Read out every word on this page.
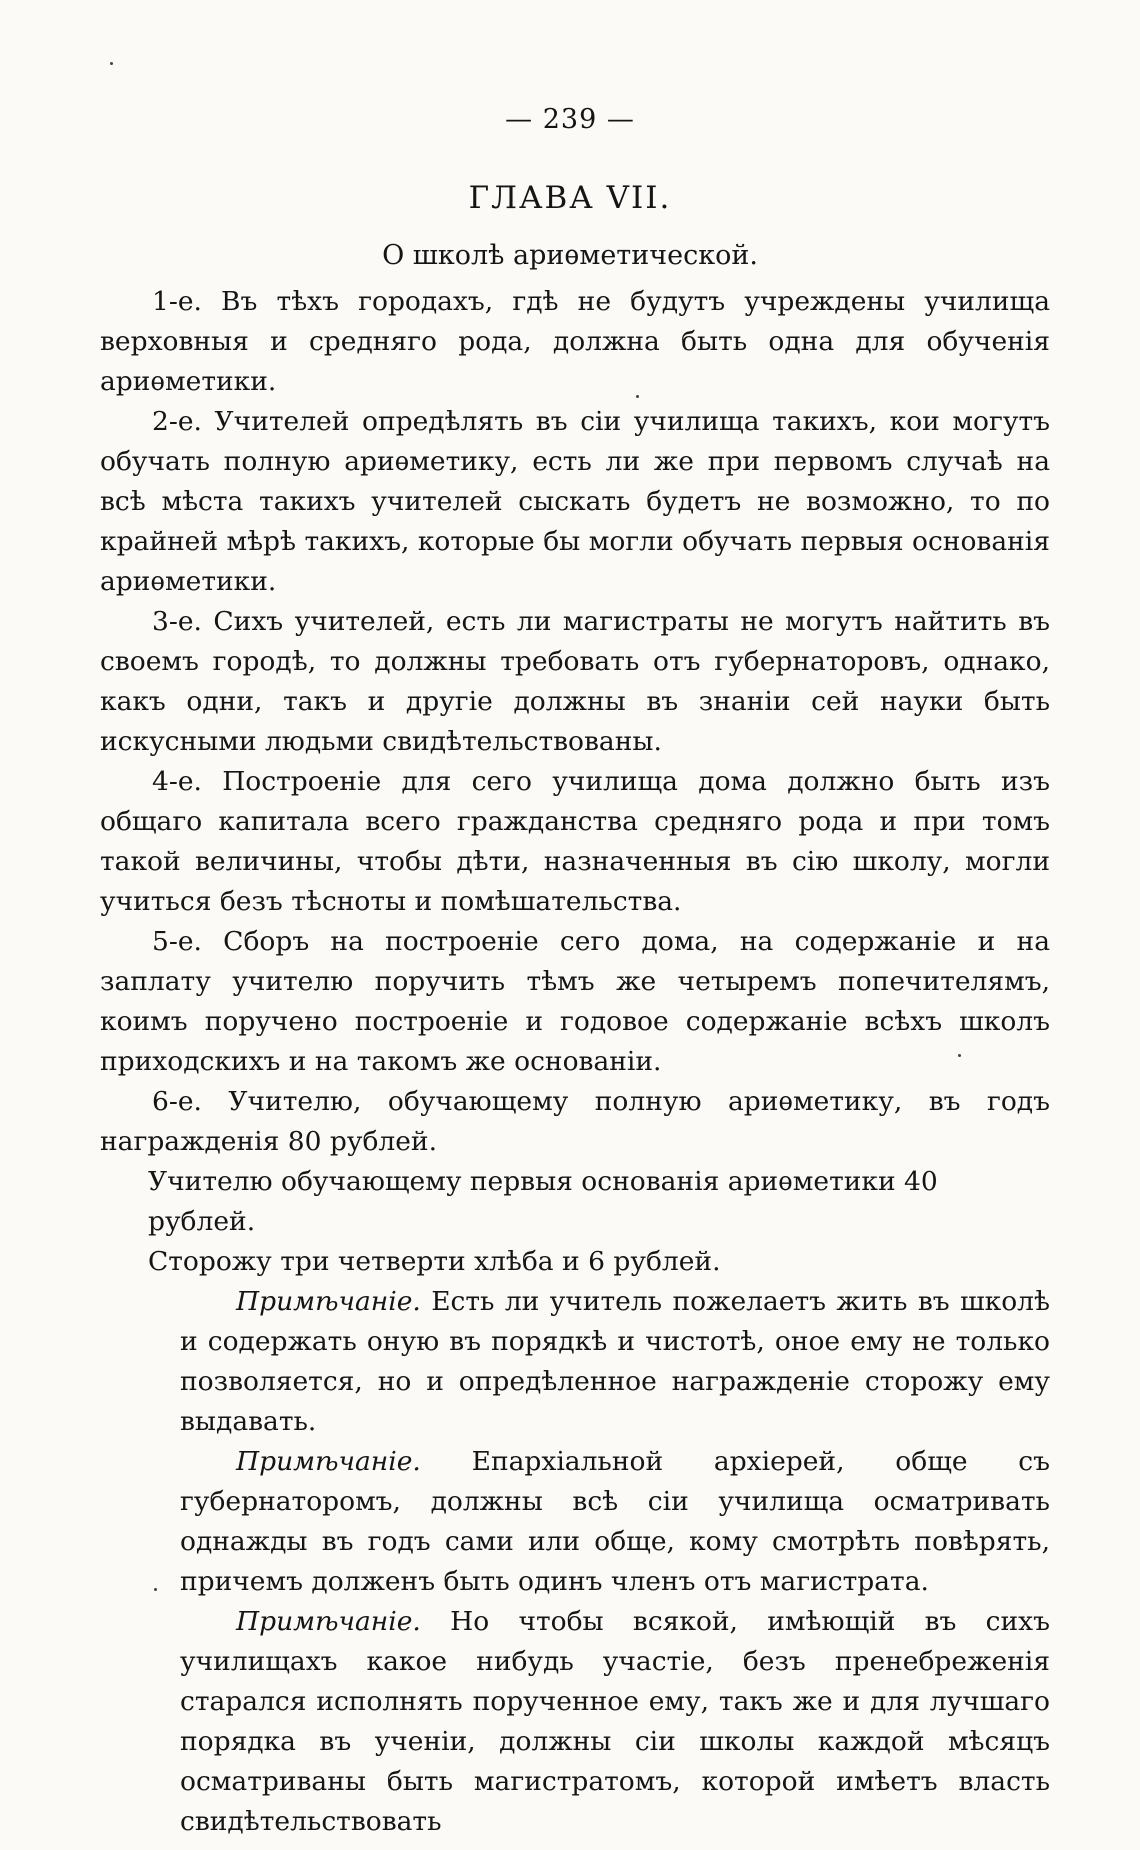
— 239 —
ГЛАВА VII.
О школѣ ариѳметической.

1-е. Въ тѣхъ городахъ, гдѣ не будутъ учреждены училища верховныя и средняго рода, должна быть одна для обученія ариѳметики.

2-е. Учителей опредѣлять въ сіи училища такихъ, кои могутъ обучать полную ариѳметику, есть ли же при первомъ случаѣ на всѣ мѣста такихъ учителей сыскать будетъ не возможно, то по крайней мѣрѣ такихъ, которые бы могли обучать первыя основанія ариѳметики.

3-е. Сихъ учителей, есть ли магистраты не могутъ найтить въ своемъ городѣ, то должны требовать отъ губернаторовъ, однако, какъ одни, такъ и другіе должны въ знаніи сей науки быть искусными людьми свидѣтельствованы.

4-е. Построеніе для сего училища дома должно быть изъ общаго капитала всего гражданства средняго рода и при томъ такой величины, чтобы дѣти, назначенныя въ сію школу, могли учиться безъ тѣсноты и помѣшательства.

5-е. Сборъ на построеніе сего дома, на содержаніе и на заплату учителю поручить тѣмъ же четыремъ попечителямъ, коимъ поручено построеніе и годовое содержаніе всѣхъ школъ приходскихъ и на такомъ же основаніи.

6-е. Учителю, обучающему полную ариѳметику, въ годъ награжденія 80 рублей.

Учителю обучающему первыя основанія ариѳметики 40 рублей.

Сторожу три четверти хлѣба и 6 рублей.

Примѣчаніе. Есть ли учитель пожелаетъ жить въ школѣ и содержать оную въ порядкѣ и чистотѣ, оное ему не только позволяется, но и опредѣленное награжденіе сторожу ему выдавать.

Примѣчаніе. Епархіальной архіерей, обще съ губернаторомъ, должны всѣ сіи училища осматривать однажды въ годъ сами или обще, кому смотрѣть повѣрять, причемъ долженъ быть одинъ членъ отъ магистрата.

Примѣчаніе. Но чтобы всякой, имѣющій въ сихъ училищахъ какое нибудь участіе, безъ пренебреженія старался исполнять порученное ему, такъ же и для лучшаго порядка въ ученіи, должны сіи школы каждой мѣсяцъ осматриваны быть магистратомъ, которой имѣетъ власть свидѣтельствовать
